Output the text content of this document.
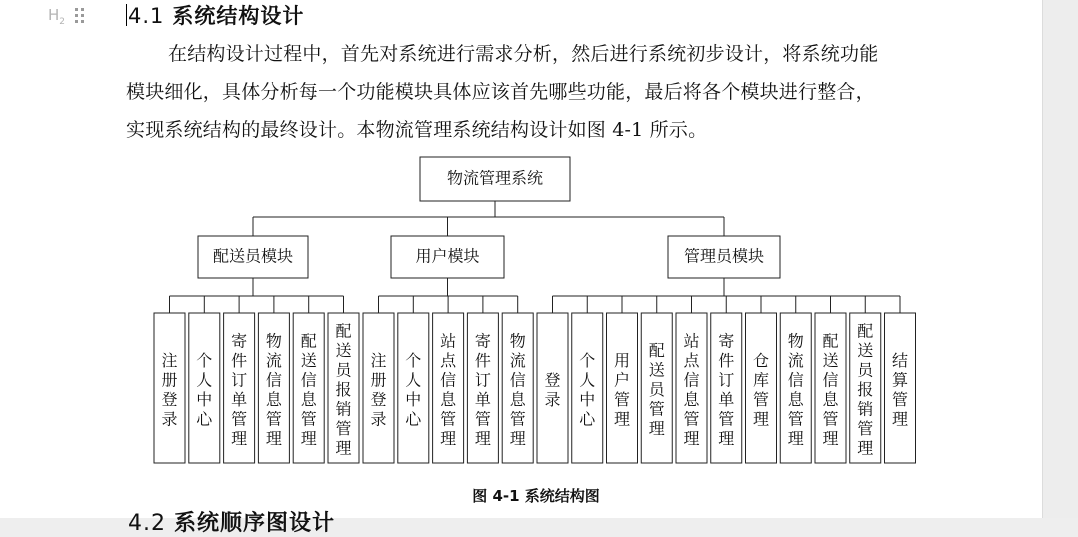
$H_2$	4.1 系统结构设计
在结构设计过程中，首先对系统进行需求分析，然后进行系统初步设计，将系统功能
模块细化，具体分析每一个功能模块具体应该首先哪些功能，最后将各个模块进行整合，
实现系统结构的最终设计。本物流管理系统结构设计如图 4-1 所示。
物流管理系统
配送员模块
注册登录
个人中心
寄件订单管理
物流信息管理
配送信息管理
配送员报销管理
用户模块
注册登录
个人中心
站点信息管理
寄件订单管理
物流信息管理
管理员模块
登录
个人中心
用户管理
配送员管理
站点信息管理
寄件订单管理
仓库管理
物流信息管理
配送信息管理
配送员报销管理
结算管理
图 4-1 系统结构图
4.2 系统顺序图设计
